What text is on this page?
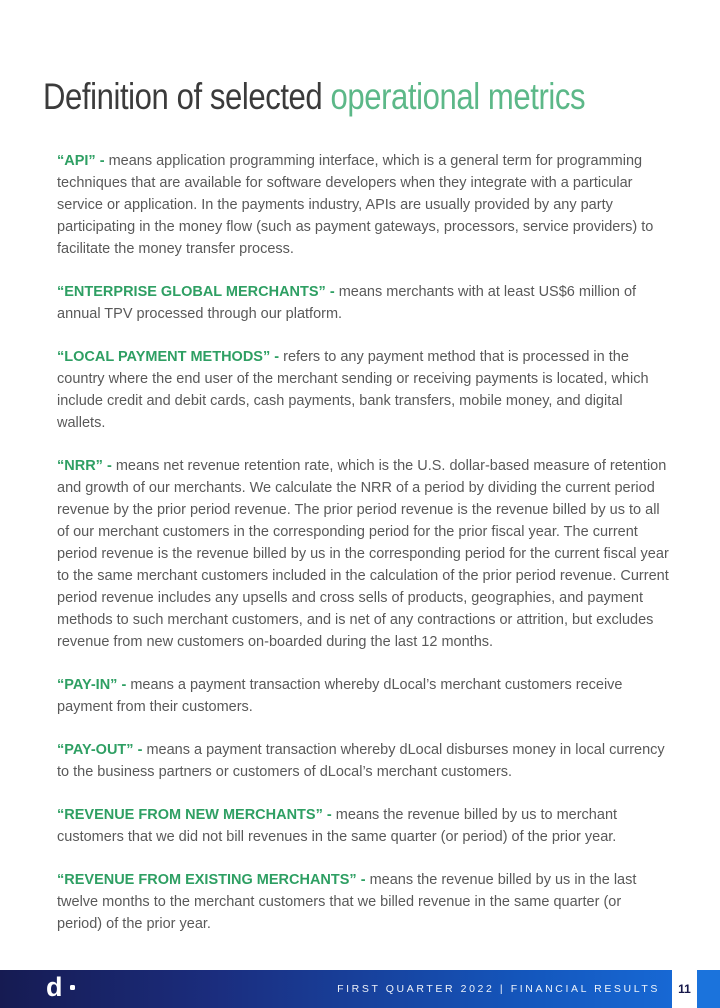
Definition of selected operational metrics

“API” - means application programming interface, which is a general term for programming techniques that are available for software developers when they integrate with a particular service or application. In the payments industry, APIs are usually provided by any party participating in the money flow (such as payment gateways, processors, service providers) to facilitate the money transfer process.

“ENTERPRISE GLOBAL MERCHANTS” - means merchants with at least US$6 million of annual TPV processed through our platform.

“LOCAL PAYMENT METHODS” - refers to any payment method that is processed in the country where the end user of the merchant sending or receiving payments is located, which include credit and debit cards, cash payments, bank transfers, mobile money, and digital wallets.

“NRR” - means net revenue retention rate, which is the U.S. dollar-based measure of retention and growth of our merchants. We calculate the NRR of a period by dividing the current period revenue by the prior period revenue. The prior period revenue is the revenue billed by us to all of our merchant customers in the corresponding period for the prior fiscal year. The current period revenue is the revenue billed by us in the corresponding period for the current fiscal year to the same merchant customers included in the calculation of the prior period revenue. Current period revenue includes any upsells and cross sells of products, geographies, and payment methods to such merchant customers, and is net of any contractions or attrition, but excludes revenue from new customers on-boarded during the last 12 months.

“PAY-IN” - means a payment transaction whereby dLocal’s merchant customers receive payment from their customers.

“PAY-OUT” - means a payment transaction whereby dLocal disburses money in local currency to the business partners or customers of dLocal’s merchant customers.

“REVENUE FROM NEW MERCHANTS” - means the revenue billed by us to merchant customers that we did not bill revenues in the same quarter (or period) of the prior year.

“REVENUE FROM EXISTING MERCHANTS” - means the revenue billed by us in the last twelve months to the merchant customers that we billed revenue in the same quarter (or period) of the prior year.

d	FIRST QUARTER 2022 | FINANCIAL RESULTS 11
